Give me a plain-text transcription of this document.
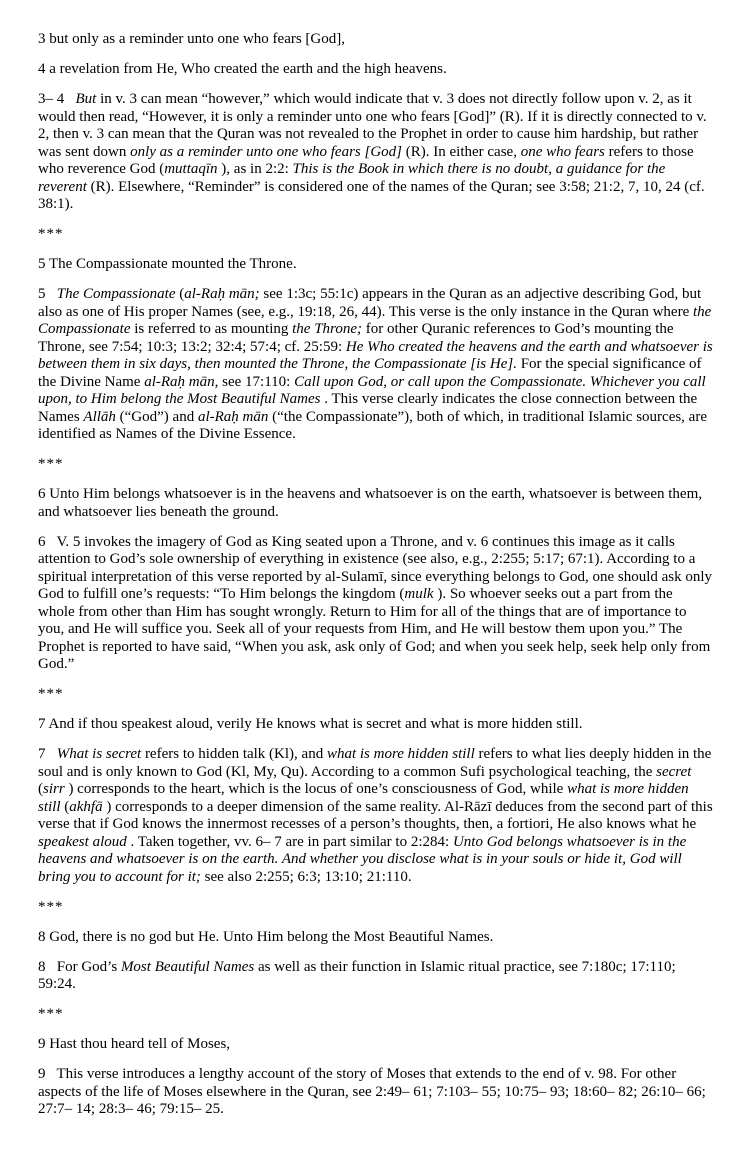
3 but only as a reminder unto one who fears [God],

4 a revelation from He, Who created the earth and the high heavens.

3– 4   But in v. 3 can mean “however,” which would indicate that v. 3 does not directly follow upon v. 2, as it would then read, “However, it is only a reminder unto one who fears [God]” (R). If it is directly connected to v. 2, then v. 3 can mean that the Quran was not revealed to the Prophet in order to cause him hardship, but rather was sent down only as a reminder unto one who fears [God] (R). In either case, one who fears refers to those who reverence God (muttaqīn ), as in 2:2: This is the Book in which there is no doubt, a guidance for the reverent (R). Elsewhere, “Reminder” is considered one of the names of the Quran; see 3:58; 21:2, 7, 10, 24 (cf. 38:1).

***

5 The Compassionate mounted the Throne.

5   The Compassionate (al-Raḥ mān; see 1:3c; 55:1c) appears in the Quran as an adjective describing God, but also as one of His proper Names (see, e.g., 19:18, 26, 44). This verse is the only instance in the Quran where the Compassionate is referred to as mounting the Throne; for other Quranic references to God’s mounting the Throne, see 7:54; 10:3; 13:2; 32:4; 57:4; cf. 25:59: He Who created the heavens and the earth and whatsoever is between them in six days, then mounted the Throne, the Compassionate [is He]. For the special significance of the Divine Name al-Raḥ mān, see 17:110: Call upon God, or call upon the Compassionate. Whichever you call upon, to Him belong the Most Beautiful Names . This verse clearly indicates the close connection between the Names Allāh (“God”) and al-Raḥ mān (“the Compassionate”), both of which, in traditional Islamic sources, are identified as Names of the Divine Essence.

***

6 Unto Him belongs whatsoever is in the heavens and whatsoever is on the earth, whatsoever is between them, and whatsoever lies beneath the ground.

6   V. 5 invokes the imagery of God as King seated upon a Throne, and v. 6 continues this image as it calls attention to God’s sole ownership of everything in existence (see also, e.g., 2:255; 5:17; 67:1). According to a spiritual interpretation of this verse reported by al-Sulamī, since everything belongs to God, one should ask only God to fulfill one’s requests: “To Him belongs the kingdom (mulk ). So whoever seeks out a part from the whole from other than Him has sought wrongly. Return to Him for all of the things that are of importance to you, and He will suffice you. Seek all of your requests from Him, and He will bestow them upon you.” The Prophet is reported to have said, “When you ask, ask only of God; and when you seek help, seek help only from God.”

***

7 And if thou speakest aloud, verily He knows what is secret and what is more hidden still.

7   What is secret refers to hidden talk (Kl), and what is more hidden still refers to what lies deeply hidden in the soul and is only known to God (Kl, My, Qu). According to a common Sufi psychological teaching, the secret (sirr ) corresponds to the heart, which is the locus of one’s consciousness of God, while what is more hidden still (akhfā ) corresponds to a deeper dimension of the same reality. Al-Rāzī deduces from the second part of this verse that if God knows the innermost recesses of a person’s thoughts, then, a fortiori, He also knows what he speakest aloud . Taken together, vv. 6– 7 are in part similar to 2:284: Unto God belongs whatsoever is in the heavens and whatsoever is on the earth. And whether you disclose what is in your souls or hide it, God will bring you to account for it; see also 2:255; 6:3; 13:10; 21:110.

***

8 God, there is no god but He. Unto Him belong the Most Beautiful Names.

8   For God’s Most Beautiful Names as well as their function in Islamic ritual practice, see 7:180c; 17:110; 59:24.

***

9 Hast thou heard tell of Moses,

9   This verse introduces a lengthy account of the story of Moses that extends to the end of v. 98. For other aspects of the life of Moses elsewhere in the Quran, see 2:49– 61; 7:103– 55; 10:75– 93; 18:60– 82; 26:10– 66; 27:7– 14; 28:3– 46; 79:15– 25.
